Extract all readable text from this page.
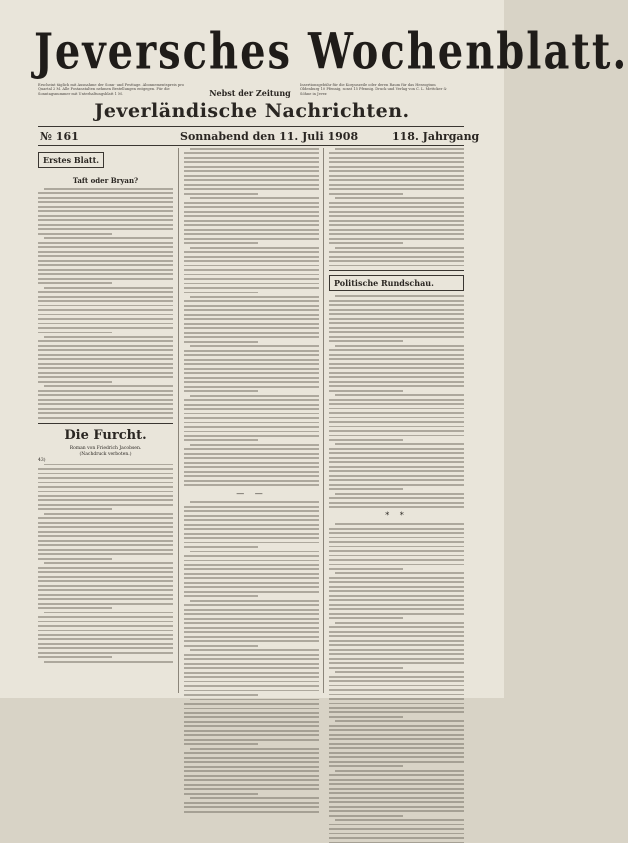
Jeversches Wochenblatt.
Erscheint täglich mit Ausnahme der Sonn- und Festtage. Abonnementspreis pro Quartal 2 M. Alle Postanstalten nehmen Bestellungen entgegen. Für die Sonntagsnummer mit Unterhaltungsblatt 1 M.	Nebst der Zeitung
Insertionsgebühr für die Korpuszeile oder deren Raum für das Herzogtum Oldenburg 10 Pfennig, sonst 15 Pfennig. Druck und Verlag von C. L. Mettcker & Söhne in Jever.
Jeverländische Nachrichten.
№ 161	Sonnabend den 11. Juli 1908	118. Jahrgang
Erstes Blatt.
Taft oder Bryan?
Die Furcht.
Roman von Friedrich Jacobsen.
(Nachdruck verboten.)
43)
— —
Politische Rundschau.
* *
